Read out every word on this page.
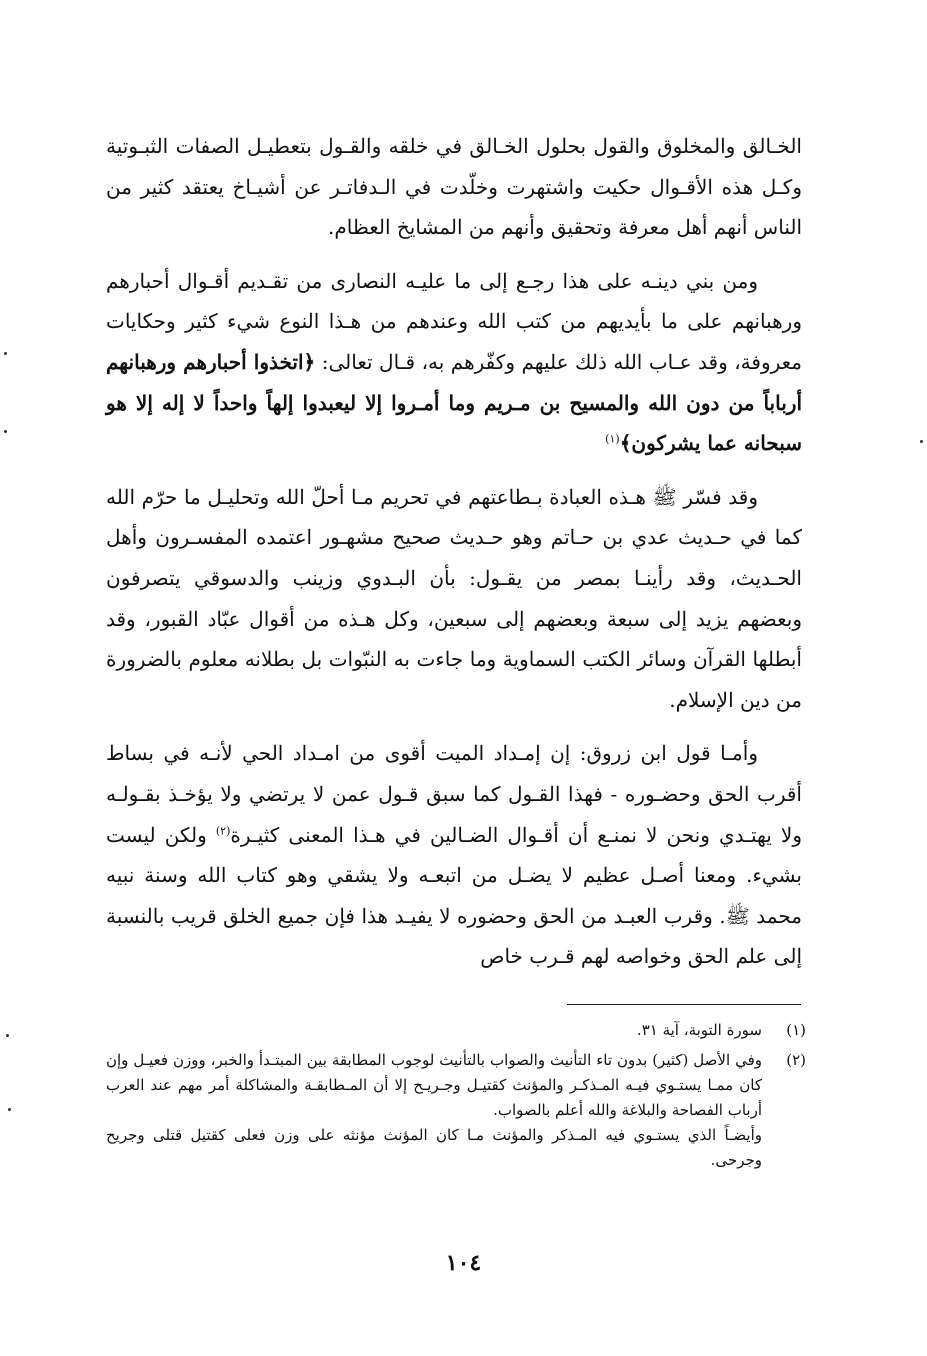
الخـالق والمخلوق والقول بحلول الخـالق في خلقه والقـول بتعطيـل الصفات الثبـوتية وكـل هذه الأقـوال حكيت واشتهرت وخلّدت في الـدفاتـر عن أشيـاخ يعتقد كثير من الناس أنهم أهل معرفة وتحقيق وأنهم من المشايخ العظام.

ومن بني دينـه على هذا رجـع إلى ما عليـه النصارى من تقـديم أقـوال أحبارهم ورهبانهم على ما بأيديهم من كتب الله وعندهم من هـذا النوع شيء كثير وحكايات معروفة، وقد عـاب الله ذلك عليهم وكفّرهم به، قـال تعالى: ﴿اتخذوا أحبارهم ورهبانهم أرباباً من دون الله والمسيح بن مـريم وما أمـروا إلا ليعبدوا إلهاً واحداً لا إله إلا هو سبحانه عما يشركون﴾$^{(١)}$

وقد فسّر ﷺ هـذه العبادة بـطاعتهم في تحريم مـا أحلّ الله وتحليـل ما حرّم الله كما في حـديث عدي بن حـاتم وهو حـديث صحيح مشهـور اعتمده المفسـرون وأهل الحـديث، وقد رأينـا بمصر من يقـول: بأن البـدوي وزينب والدسوقي يتصرفون وبعضهم يزيد إلى سبعة وبعضهم إلى سبعين، وكل هـذه من أقوال عبّاد القبور، وقد أبطلها القرآن وسائر الكتب السماوية وما جاءت به النبّوات بل بطلانه معلوم بالضرورة من دين الإسلام.

وأمـا قول ابن زروق: إن إمـداد الميت أقوى من امـداد الحي لأنـه في بساط أقرب الحق وحضـوره - فهذا القـول كما سبق قـول عمن لا يرتضي ولا يؤخـذ بقـولـه ولا يهتـدي ونحن لا نمنـع أن أقـوال الضـالين في هـذا المعنى كثيـرة$^{(٢)}$ ولكن ليست بشيء. ومعنا أصـل عظيم لا يضـل من اتبعـه ولا يشقي وهو كتاب الله وسنة نبيه محمد ﷺ. وقرب العبـد من الحق وحضوره لا يفيـد هذا فإن جميع الخلق قريب بالنسبة إلى علم الحق وخواصه لهم قـرب خاص

(١)

سورة التوبة، آية ٣١.

(٢)

وفي الأصل (كثير) بدون تاء التأنيث والصواب بالتأنيث لوجوب المطابقة بين المبتـدأ والخبر، ووزن فعيـل وإن كان ممـا يستـوي فيـه المـذكـر والمؤنث كقتيـل وجـريـح إلا أن المـطابقـة والمشاكلة أمر مهم عند العرب أرباب الفصاحة والبلاغة والله أعلم بالصواب.

وأيضـاً الذي يستـوي فيه المـذكر والمؤنث مـا كان المؤنث مؤنثه على وزن فعلى كقتيل قتلى وجريح وجرحى.

١٠٤
